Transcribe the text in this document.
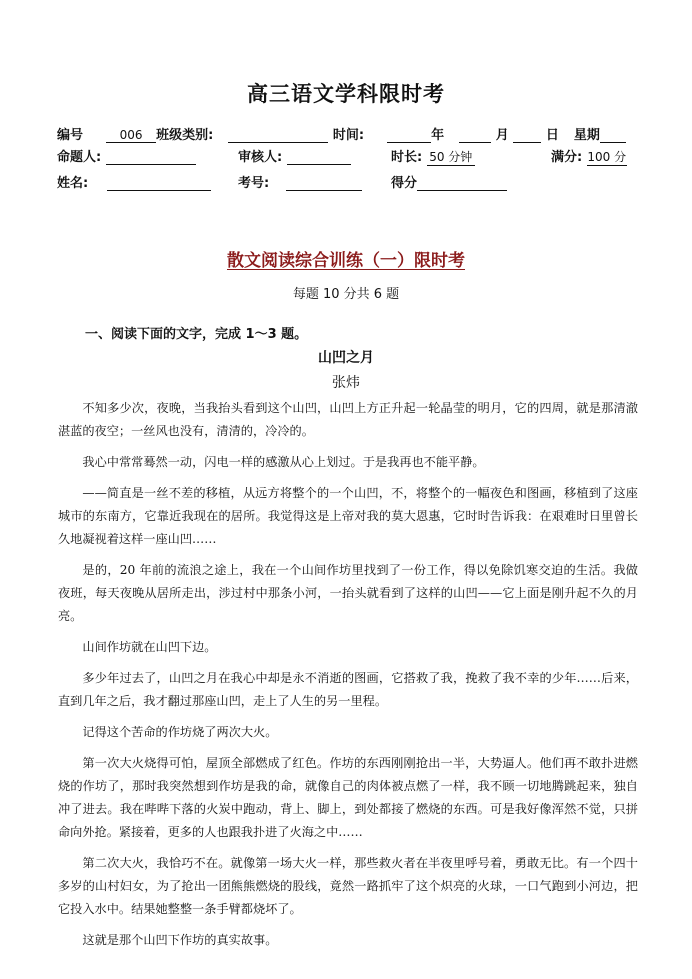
高三语文学科限时考
编号	006 班级类别:	时间:	年	月	日 星期
命题人:	审核人:	时长: 50 分钟	满分: 100 分
姓名:	考号:	得分
散文阅读综合训练（一）限时考
每题 10 分共 6 题
一、阅读下面的文字，完成 1～3 题。
山凹之月
张炜

不知多少次，夜晚，当我抬头看到这个山凹，山凹上方正升起一轮晶莹的明月，它的四周，就是那清澈湛蓝的夜空；一丝风也没有，清清的，冷冷的。

我心中常常蓦然一动，闪电一样的感激从心上划过。于是我再也不能平静。

——简直是一丝不差的移植，从远方将整个的一个山凹，不，将整个的一幅夜色和图画，移植到了这座城市的东南方，它靠近我现在的居所。我觉得这是上帝对我的莫大恩惠，它时时告诉我：在艰难时日里曾长久地凝视着这样一座山凹……

是的，20 年前的流浪之途上，我在一个山间作坊里找到了一份工作，得以免除饥寒交迫的生活。我做夜班，每天夜晚从居所走出，涉过村中那条小河，一抬头就看到了这样的山凹——它上面是刚升起不久的月亮。

山间作坊就在山凹下边。

多少年过去了，山凹之月在我心中却是永不消逝的图画，它搭救了我，挽救了我不幸的少年……后来，直到几年之后，我才翻过那座山凹，走上了人生的另一里程。

记得这个苦命的作坊烧了两次大火。

第一次大火烧得可怕，屋顶全部燃成了红色。作坊的东西刚刚抢出一半，大势逼人。他们再不敢扑进燃烧的作坊了，那时我突然想到作坊是我的命，就像自己的肉体被点燃了一样，我不顾一切地腾跳起来，独自冲了进去。我在哔哔下落的火炭中跑动，背上、脚上，到处都接了燃烧的东西。可是我好像浑然不觉，只拼命向外抢。紧接着，更多的人也跟我扑进了火海之中……

第二次大火，我恰巧不在。就像第一场大火一样，那些救火者在半夜里呼号着，勇敢无比。有一个四十多岁的山村妇女，为了抢出一团熊熊燃烧的股线，竟然一路抓牢了这个炽亮的火球，一口气跑到小河边，把它投入水中。结果她整整一条手臂都烧坏了。

这就是那个山凹下作坊的真实故事。
